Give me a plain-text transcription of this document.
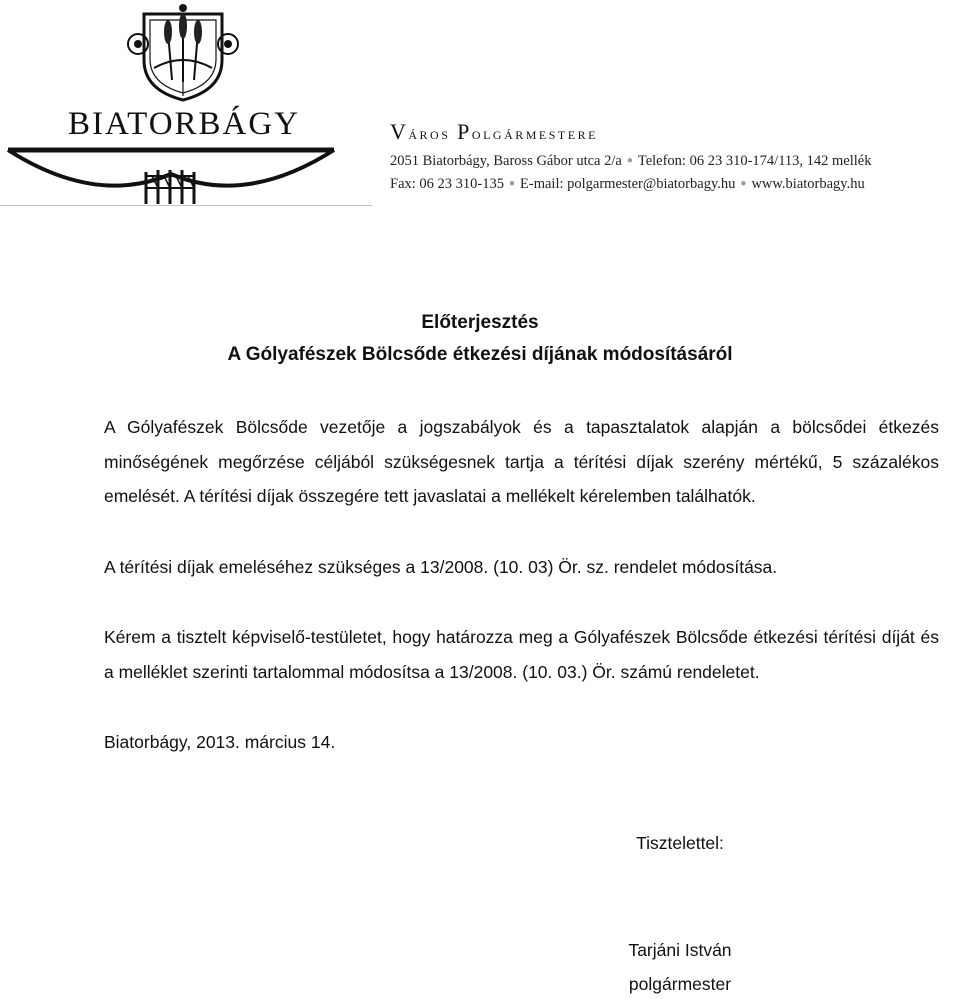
BIATORBÁGY	Város Polgármestere
2051 Biatorbágy, Baross Gábor utca 2/a ● Telefon: 06 23 310-174/113, 142 mellék
Fax: 06 23 310-135 ● E-mail: polgarmester@biatorbagy.hu ● www.biatorbagy.hu
Előterjesztés
A Gólyafészek Bölcsőde étkezési díjának módosításáról
A Gólyafészek Bölcsőde vezetője a jogszabályok és a tapasztalatok alapján a bölcsődei étkezés minőségének megőrzése céljából szükségesnek tartja a térítési díjak szerény mértékű, 5 százalékos emelését. A térítési díjak összegére tett javaslatai a mellékelt kérelemben találhatók.
A térítési díjak emeléséhez szükséges a 13/2008. (10. 03) Ör. sz. rendelet módosítása.
Kérem a tisztelt képviselő-testületet, hogy határozza meg a Gólyafészek Bölcsőde étkezési térítési díját és a melléklet szerinti tartalommal módosítsa a 13/2008. (10. 03.) Ör. számú rendeletet.
Biatorbágy, 2013. március 14.
Tisztelettel:
Tarjáni István
polgármester
